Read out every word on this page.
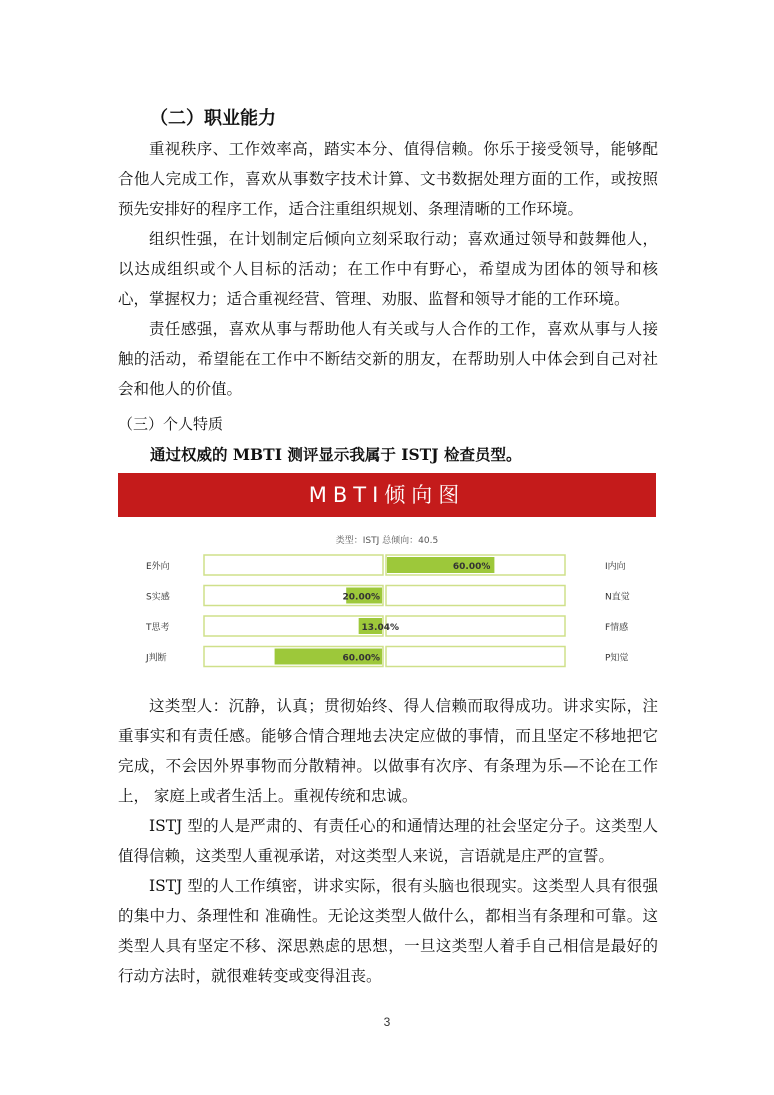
（二）职业能力
重视秩序、工作效率高，踏实本分、值得信赖。你乐于接受领导，能够配合他人完成工作，喜欢从事数字技术计算、文书数据处理方面的工作，或按照预先安排好的程序工作，适合注重组织规划、条理清晰的工作环境。
组织性强，在计划制定后倾向立刻采取行动；喜欢通过领导和鼓舞他人，以达成组织或个人目标的活动；在工作中有野心，希望成为团体的领导和核心，掌握权力；适合重视经营、管理、劝服、监督和领导才能的工作环境。
责任感强，喜欢从事与帮助他人有关或与人合作的工作，喜欢从事与人接触的活动，希望能在工作中不断结交新的朋友，在帮助别人中体会到自己对社会和他人的价值。
（三）个人特质
通过权威的 MBTI 测评显示我属于 ISTJ 检查员型。
MBTI倾向图
类型：ISTJ 总倾向：40.5
E外向	I内向
60.00%
S实感	N直觉
20.00%
T思考	F情感
13.04%
J判断	P知觉
60.00%
这类型人：沉静，认真；贯彻始终、得人信赖而取得成功。讲求实际，注重事实和有责任感。能够合情合理地去决定应做的事情，而且坚定不移地把它完成，不会因外界事物而分散精神。以做事有次序、有条理为乐—不论在工作上， 家庭上或者生活上。重视传统和忠诚。
ISTJ 型的人是严肃的、有责任心的和通情达理的社会坚定分子。这类型人值得信赖，这类型人重视承诺，对这类型人来说，言语就是庄严的宣誓。
ISTJ 型的人工作缜密，讲求实际，很有头脑也很现实。这类型人具有很强的集中力、条理性和 准确性。无论这类型人做什么，都相当有条理和可靠。这类型人具有坚定不移、深思熟虑的思想，一旦这类型人着手自己相信是最好的行动方法时，就很难转变或变得沮丧。
3
